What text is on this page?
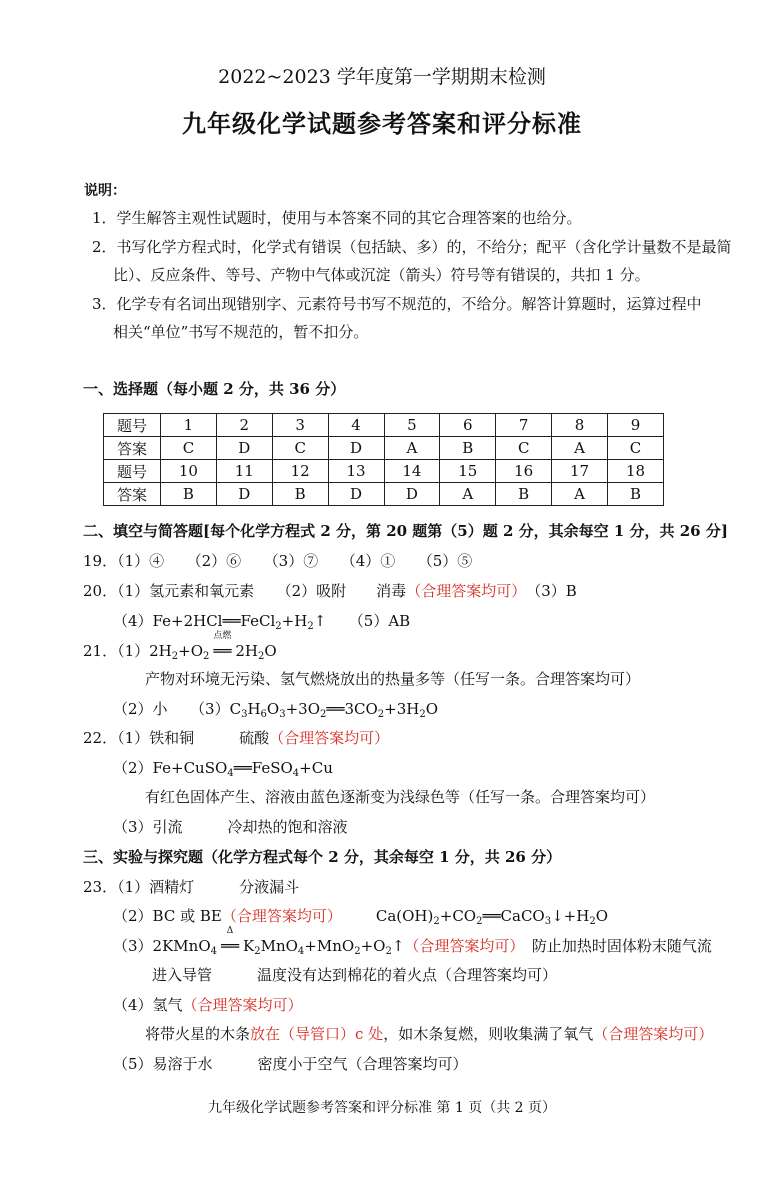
2022~2023 学年度第一学期期末检测
九年级化学试题参考答案和评分标准
说明：
1．学生解答主观性试题时，使用与本答案不同的其它合理答案的也给分。
2．书写化学方程式时，化学式有错误（包括缺、多）的，不给分；配平（含化学计量数不是最简
比）、反应条件、等号、产物中气体或沉淀（箭头）符号等有错误的，共扣 1 分。
3．化学专有名词出现错别字、元素符号书写不规范的，不给分。解答计算题时，运算过程中
相关“单位”书写不规范的，暂不扣分。
一、选择题（每小题 2 分，共 36 分）
题号	1	2	3	4	5	6	7	8	9
答案	C	D	C	D	A	B	C	A	C
题号	10	11	12	13	14	15	16	17	18
答案	B	D	B	D	D	A	B	A	B
二、填空与简答题[每个化学方程式 2 分，第 20 题第（5）题 2 分，其余每空 1 分，共 26 分]
19．（1）④　　（2）⑥　　（3）⑦　　（4）①　　（5）⑤
20．（1）氢元素和氧元素　　（2）吸附　　消毒（合理答案均可）　（3）B
$(4)Fe+2HCl══FeCl_2+H_2↑$　　（5）AB
21．$(1)2H_2+O_2$
点燃
══ $2H_2O$
产物对环境无污染、氢气燃烧放出的热量多等（任写一条。合理答案均可）
（2）小　　$(3)C_3H_6O_3+3O_2══3CO_2+3H_2O$
22．（1）铁和铜　　　硫酸（合理答案均可）
（2）Fe+CuSO$_4$══FeSO$_4$+Cu
有红色固体产生、溶液由蓝色逐渐变为浅绿色等（任写一条。合理答案均可）
（3）引流　　　冷却热的饱和溶液
三、实验与探究题（化学方程式每个 2 分，其余每空 1 分，共 26 分）
23．（1）酒精灯　　　分液漏斗
（2）BC 或 BE（合理答案均可） $Ca(OH)_2+CO_2══CaCO_3↓+H_2O$
（3）2KMnO$_4$
Δ
══ $K_2MnO_4+MnO_2+O_2↑$（合理答案均可）　防止加热时固体粉末随气流
进入导管　　　温度没有达到棉花的着火点（合理答案均可）
（4）氢气（合理答案均可）
将带火星的木条放在（导管口）c 处，如木条复燃，则收集满了氧气（合理答案均可）
（5）易溶于水　　　密度小于空气（合理答案均可）
九年级化学试题参考答案和评分标准 第 1 页（共 2 页）
